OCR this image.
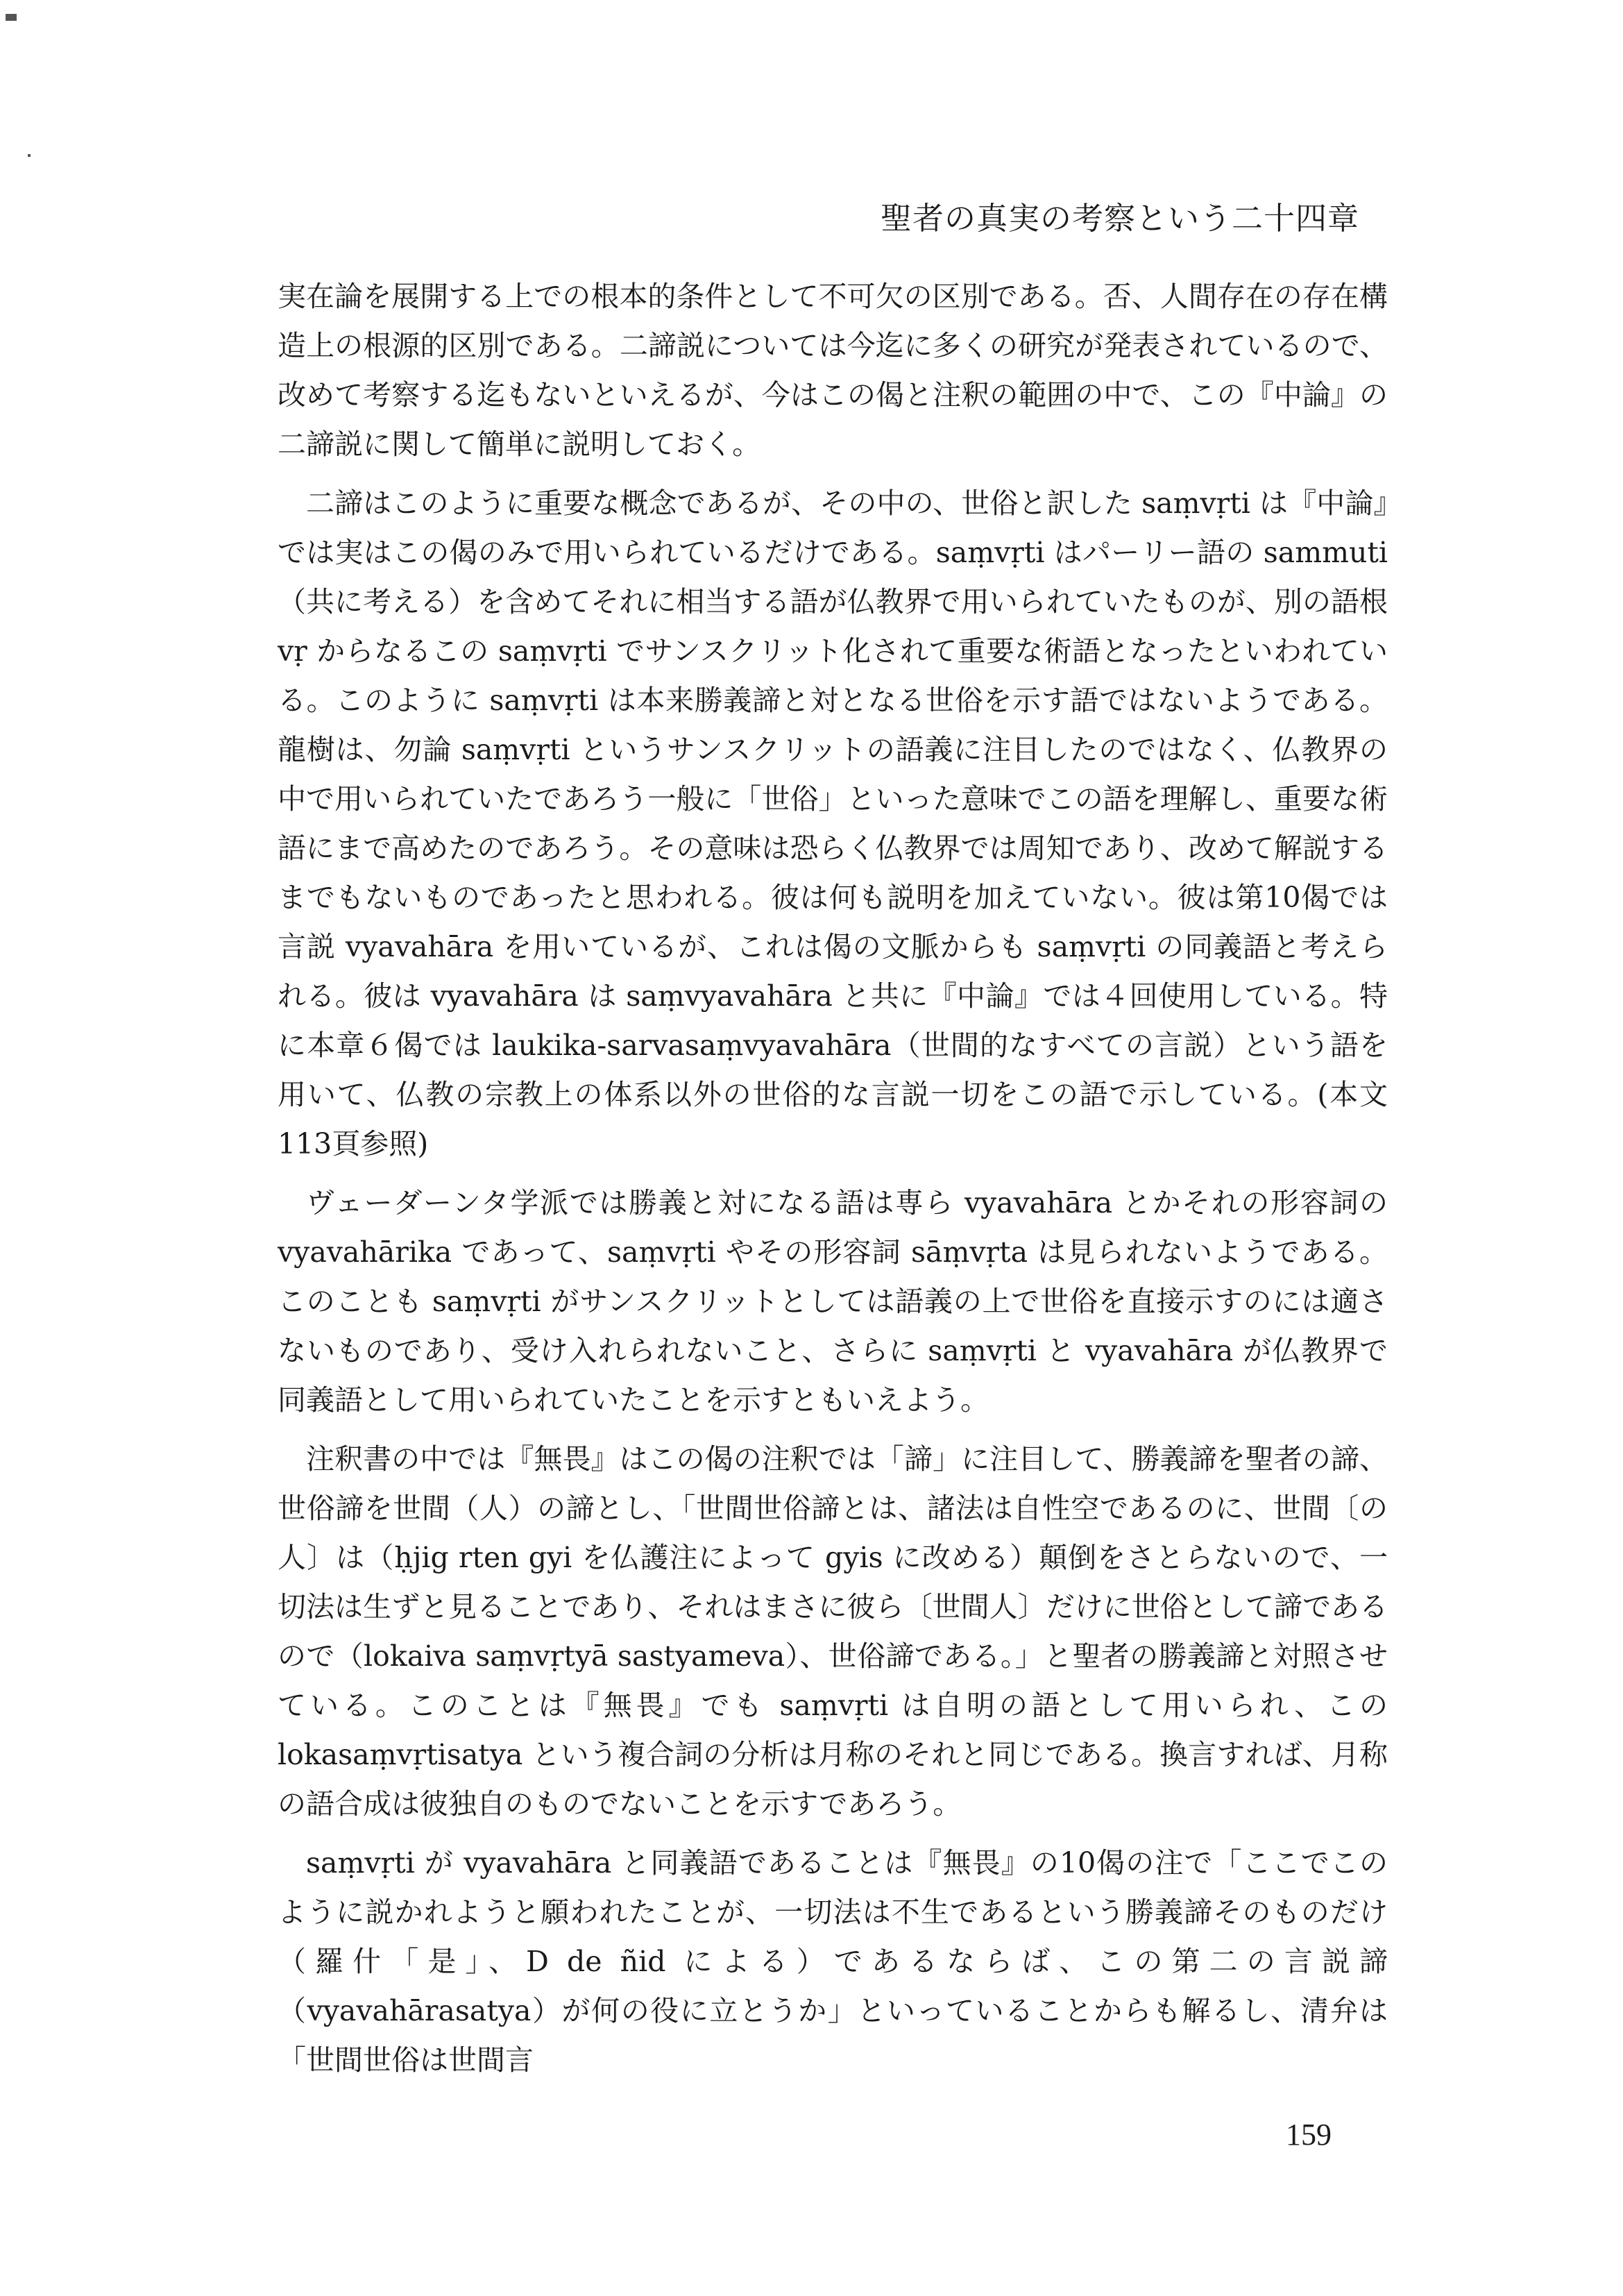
聖者の真実の考察という二十四章

実在論を展開する上での根本的条件として不可欠の区別である。否、人間存在の存在構造上の根源的区別である。二諦説については今迄に多くの研究が発表されているので、改めて考察する迄もないといえるが、今はこの偈と注釈の範囲の中で、この『中論』の二諦説に関して簡単に説明しておく。

二諦はこのように重要な概念であるが、その中の、世俗と訳した saṃvṛti は『中論』では実はこの偈のみで用いられているだけである。saṃvṛti はパーリー語の sammuti（共に考える）を含めてそれに相当する語が仏教界で用いられていたものが、別の語根 vṛ からなるこの saṃvṛti でサンスクリット化されて重要な術語となったといわれている。このように saṃvṛti は本来勝義諦と対となる世俗を示す語ではないようである。龍樹は、勿論 saṃvṛti というサンスクリットの語義に注目したのではなく、仏教界の中で用いられていたであろう一般に「世俗」といった意味でこの語を理解し、重要な術語にまで高めたのであろう。その意味は恐らく仏教界では周知であり、改めて解説するまでもないものであったと思われる。彼は何も説明を加えていない。彼は第10偈では言説 vyavahāra を用いているが、これは偈の文脈からも saṃvṛti の同義語と考えられる。彼は vyavahāra は saṃvyavahāra と共に『中論』では４回使用している。特に本章６偈では laukika-sarvasaṃvyavahāra（世間的なすべての言説）という語を用いて、仏教の宗教上の体系以外の世俗的な言説一切をこの語で示している。(本文113頁参照)

ヴェーダーンタ学派では勝義と対になる語は専ら vyavahāra とかそれの形容詞の vyavahārika であって、saṃvṛti やその形容詞 sāṃvṛta は見られないようである。このことも saṃvṛti がサンスクリットとしては語義の上で世俗を直接示すのには適さないものであり、受け入れられないこと、さらに saṃvṛti と vyavahāra が仏教界で同義語として用いられていたことを示すともいえよう。

注釈書の中では『無畏』はこの偈の注釈では「諦」に注目して、勝義諦を聖者の諦、世俗諦を世間（人）の諦とし、「世間世俗諦とは、諸法は自性空であるのに、世間〔の人〕は（ḥjig rten gyi を仏護注によって gyis に改める）顛倒をさとらないので、一切法は生ずと見ることであり、それはまさに彼ら〔世間人〕だけに世俗として諦であるので（lokaiva saṃvṛtyā sastyameva）、世俗諦である。」と聖者の勝義諦と対照させている。このことは『無畏』でも saṃvṛti は自明の語として用いられ、この lokasaṃvṛtisatya という複合詞の分析は月称のそれと同じである。換言すれば、月称の語合成は彼独自のものでないことを示すであろう。

saṃvṛti が vyavahāra と同義語であることは『無畏』の10偈の注で「ここでこのように説かれようと願われたことが、一切法は不生であるという勝義諦そのものだけ（羅什「是」、D de ñid による）であるならば、この第二の言説諦（vyavahārasatya）が何の役に立とうか」といっていることからも解るし、清弁は「世間世俗は世間言

159
